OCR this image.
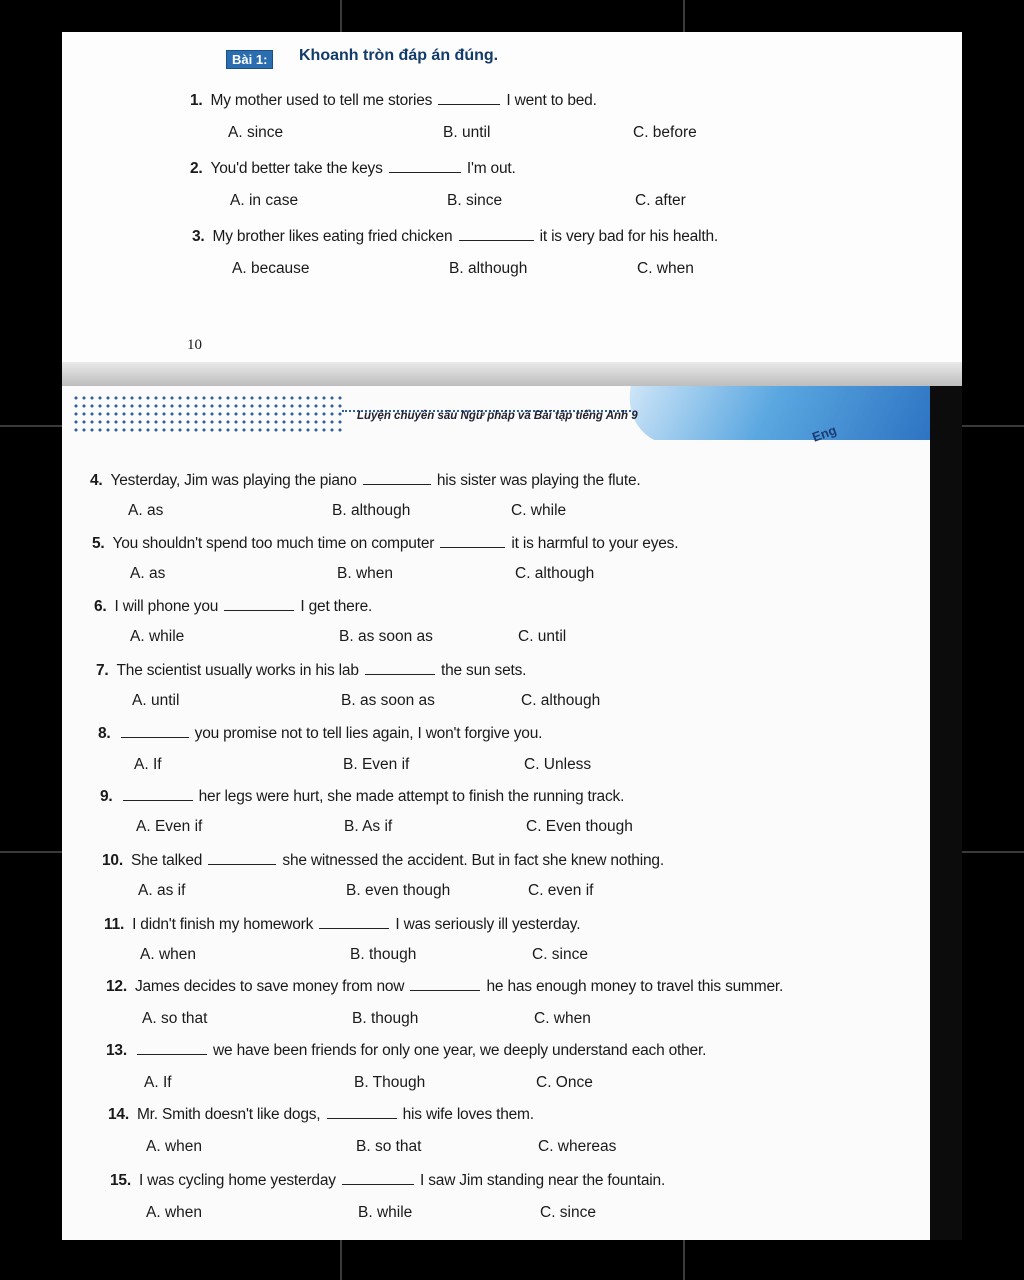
Luyện chuyên sâu Ngữ pháp và Bài tập tiếng Anh 9
Eng
Bài 1:	Khoanh tròn đáp án đúng.
10
1. My mother used to tell me stories	I went to bed.
A. since	B. until	C. before
2. You'd better take the keys	I'm out.
A. in case	B. since	C. after
3. My brother likes eating fried chicken	it is very bad for his health.
A. because	B. although	C. when
4. Yesterday, Jim was playing the piano	his sister was playing the flute.
A. as	B. although	C. while
5. You shouldn't spend too much time on computer	it is harmful to your eyes.
A. as	B. when	C. although
6. I will phone you	I get there.
A. while	B. as soon as	C. until
7. The scientist usually works in his lab	the sun sets.
A. until	B. as soon as	C. although
8.	you promise not to tell lies again, I won't forgive you.
A. If	B. Even if	C. Unless
9.	her legs were hurt, she made attempt to finish the running track.
A. Even if	B. As if	C. Even though
10. She talked	she witnessed the accident. But in fact she knew nothing.
A. as if	B. even though	C. even if
11. I didn't finish my homework	I was seriously ill yesterday.
A. when	B. though	C. since
12. James decides to save money from now	he has enough money to travel this summer.
A. so that	B. though	C. when
13.	we have been friends for only one year, we deeply understand each other.
A. If	B. Though	C. Once
14. Mr. Smith doesn't like dogs,	his wife loves them.
A. when	B. so that	C. whereas
15. I was cycling home yesterday	I saw Jim standing near the fountain.
A. when	B. while	C. since
